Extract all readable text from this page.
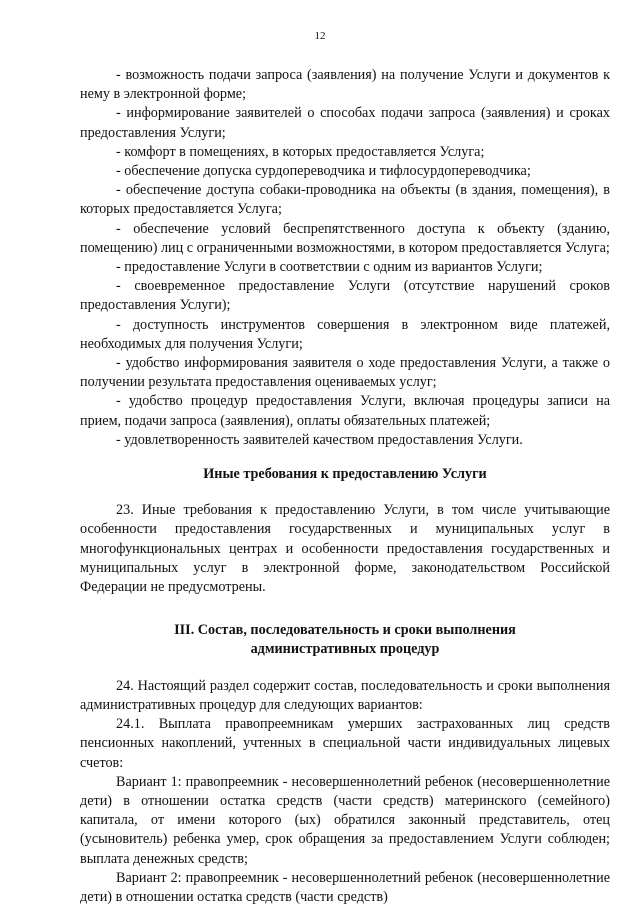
12

- возможность подачи запроса (заявления) на получение Услуги и документов к нему в электронной форме;

- информирование заявителей о способах подачи запроса (заявления) и сроках предоставления Услуги;

- комфорт в помещениях, в которых предоставляется Услуга;

- обеспечение допуска сурдопереводчика и тифлосурдопереводчика;

- обеспечение доступа собаки-проводника на объекты (в здания, помещения), в которых предоставляется Услуга;

- обеспечение условий беспрепятственного доступа к объекту (зданию, помещению) лиц с ограниченными возможностями, в котором предоставляется Услуга;

- предоставление Услуги в соответствии с одним из вариантов Услуги;

- своевременное предоставление Услуги (отсутствие нарушений сроков предоставления Услуги);

- доступность инструментов совершения в электронном виде платежей, необходимых для получения Услуги;

- удобство информирования заявителя о ходе предоставления Услуги, а также о получении результата предоставления оцениваемых услуг;

- удобство процедур предоставления Услуги, включая процедуры записи на прием, подачи запроса (заявления), оплаты обязательных платежей;

- удовлетворенность заявителей качеством предоставления Услуги.

Иные требования к предоставлению Услуги

23. Иные требования к предоставлению Услуги, в том числе учитывающие особенности предоставления государственных и муниципальных услуг в многофункциональных центрах и особенности предоставления государственных и муниципальных услуг в электронной форме, законодательством Российской Федерации не предусмотрены.

III. Состав, последовательность и сроки выполнения

административных процедур

24. Настоящий раздел содержит состав, последовательность и сроки выполнения административных процедур для следующих вариантов:

24.1. Выплата правопреемникам умерших застрахованных лиц средств пенсионных накоплений, учтенных в специальной части индивидуальных лицевых счетов:

Вариант 1: правопреемник - несовершеннолетний ребенок (несовершеннолетние дети) в отношении остатка средств (части средств) материнского (семейного) капитала, от имени которого (ых) обратился законный представитель, отец (усыновитель) ребенка умер, срок обращения за предоставлением Услуги соблюден; выплата денежных средств;

Вариант 2: правопреемник - несовершеннолетний ребенок (несовершеннолетние дети) в отношении остатка средств (части средств)
